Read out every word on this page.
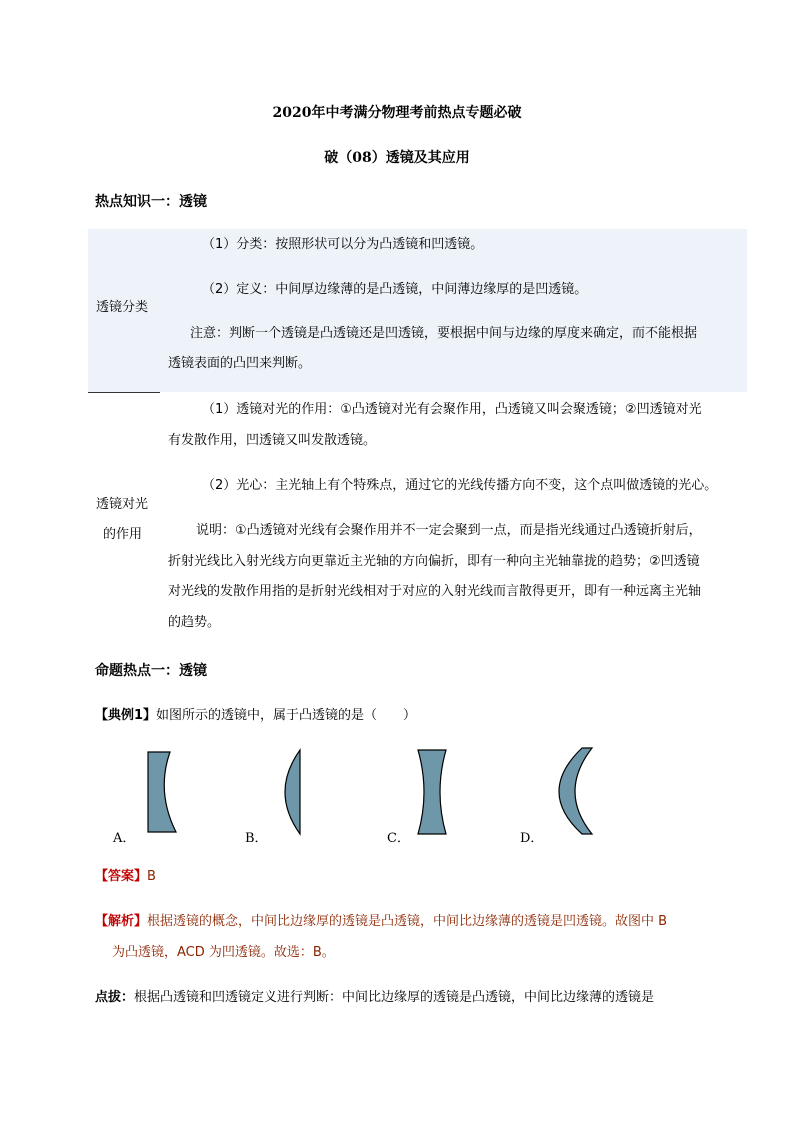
2020年中考满分物理考前热点专题必破
破（08）透镜及其应用
热点知识一：透镜
透镜分类
（1）分类：按照形状可以分为凸透镜和凹透镜。
（2）定义：中间厚边缘薄的是凸透镜，中间薄边缘厚的是凹透镜。
注意：判断一个透镜是凸透镜还是凹透镜，要根据中间与边缘的厚度来确定，而不能根据
透镜表面的凸凹来判断。
透镜对光
的作用
（1）透镜对光的作用：①凸透镜对光有会聚作用，凸透镜又叫会聚透镜；②凹透镜对光
有发散作用，凹透镜又叫发散透镜。
（2）光心：主光轴上有个特殊点，通过它的光线传播方向不变，这个点叫做透镜的光心。
说明：①凸透镜对光线有会聚作用并不一定会聚到一点，而是指光线通过凸透镜折射后，
折射光线比入射光线方向更靠近主光轴的方向偏折，即有一种向主光轴靠拢的趋势；②凹透镜
对光线的发散作用指的是折射光线相对于对应的入射光线而言散得更开，即有一种远离主光轴
的趋势。
命题热点一：透镜
【典例1】如图所示的透镜中，属于凸透镜的是（　　）
A．	B．	C．	D．
【答案】B
【解析】根据透镜的概念，中间比边缘厚的透镜是凸透镜，中间比边缘薄的透镜是凹透镜。故图中 B
为凸透镜，ACD 为凹透镜。故选：B。
点拔：根据凸透镜和凹透镜定义进行判断：中间比边缘厚的透镜是凸透镜，中间比边缘薄的透镜是
